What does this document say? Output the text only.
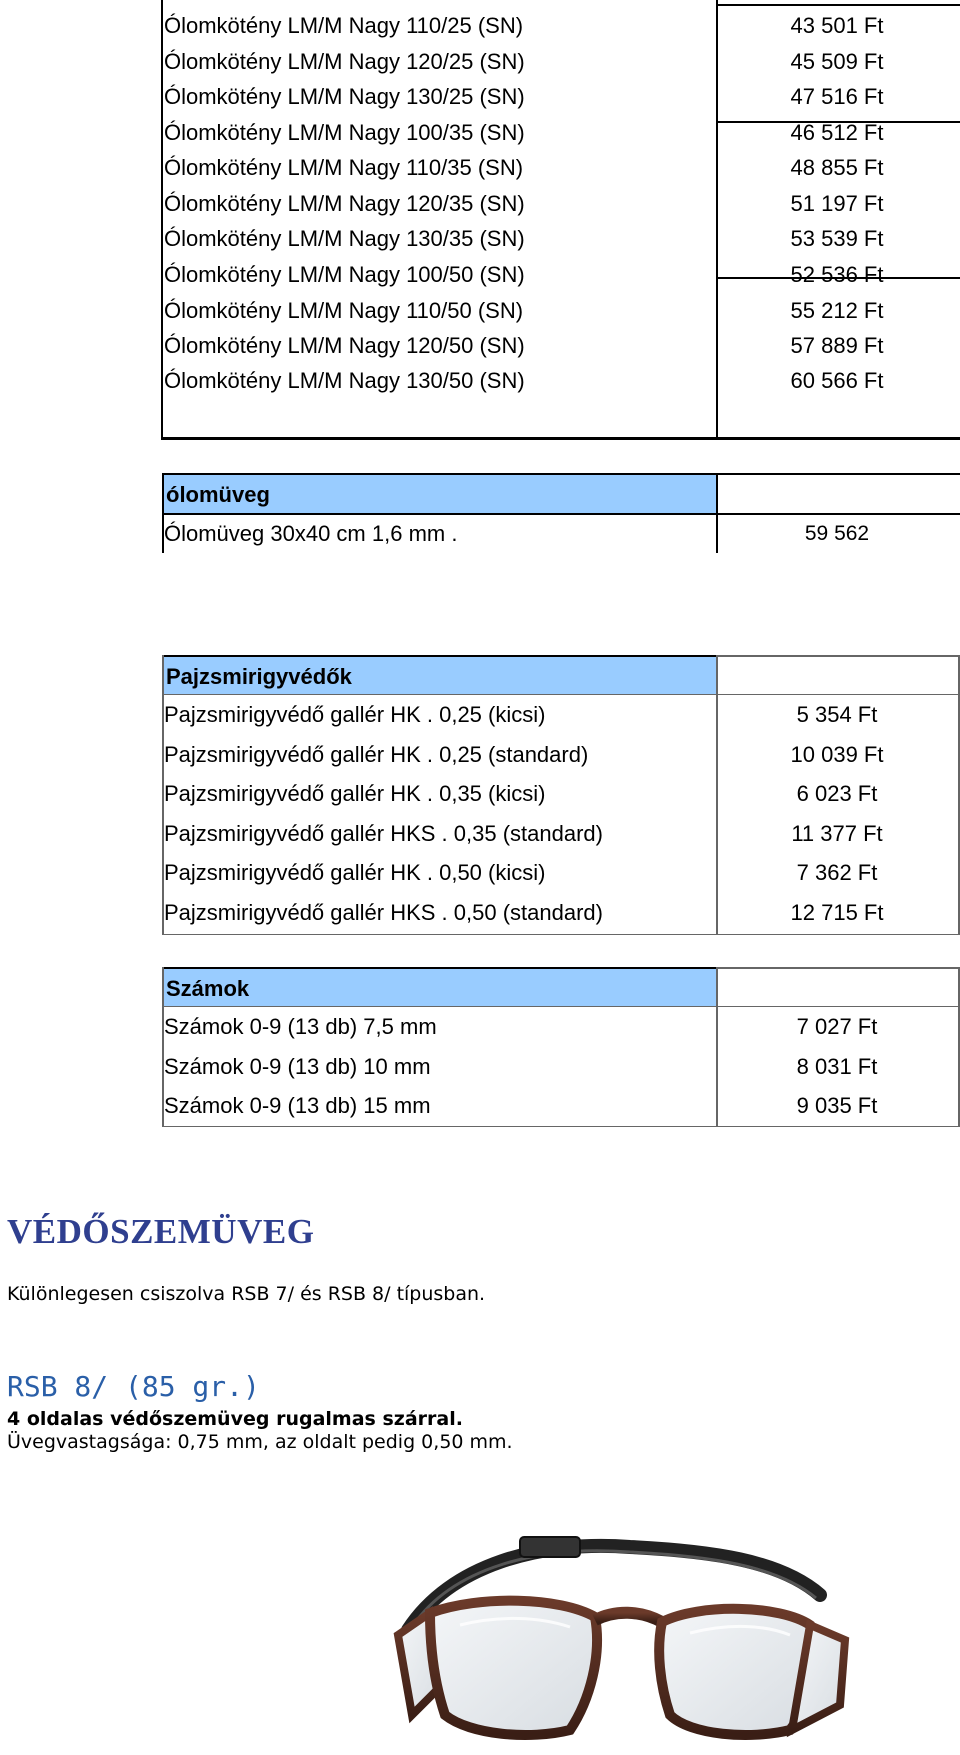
Ólomkötény LM/M Nagy 110/25 (SN)	43 501 Ft
Ólomkötény LM/M Nagy 120/25 (SN)	45 509 Ft
Ólomkötény LM/M Nagy 130/25 (SN)	47 516 Ft
Ólomkötény LM/M Nagy 100/35 (SN)	46 512 Ft
Ólomkötény LM/M Nagy 110/35 (SN)	48 855 Ft
Ólomkötény LM/M Nagy 120/35 (SN)	51 197 Ft
Ólomkötény LM/M Nagy 130/35 (SN)	53 539 Ft
Ólomkötény LM/M Nagy 100/50 (SN)	52 536 Ft
Ólomkötény LM/M Nagy 110/50 (SN)	55 212 Ft
Ólomkötény LM/M Nagy 120/50 (SN)	57 889 Ft
Ólomkötény LM/M Nagy 130/50 (SN)	60 566 Ft
ólomüveg
Ólomüveg 30x40 cm 1,6 mm .	59 562
Pajzsmirigyvédők
Pajzsmirigyvédő gallér HK . 0,25 (kicsi)	5 354 Ft
Pajzsmirigyvédő gallér HK . 0,25 (standard)	10 039 Ft
Pajzsmirigyvédő gallér HK . 0,35 (kicsi)	6 023 Ft
Pajzsmirigyvédő gallér HKS . 0,35 (standard)	11 377 Ft
Pajzsmirigyvédő gallér HK . 0,50 (kicsi)	7 362 Ft
Pajzsmirigyvédő gallér HKS . 0,50 (standard)	12 715 Ft
Számok
Számok 0-9 (13 db) 7,5 mm	7 027 Ft
Számok 0-9 (13 db) 10 mm	8 031 Ft
Számok 0-9 (13 db) 15 mm	9 035 Ft
VÉDŐSZEMÜVEG
Különlegesen csiszolva RSB 7/ és RSB 8/ típusban.
RSB 8/ (85 gr.)
4 oldalas védőszemüveg rugalmas szárral.
Üvegvastagsága: 0,75 mm, az oldalt pedig 0,50 mm.
